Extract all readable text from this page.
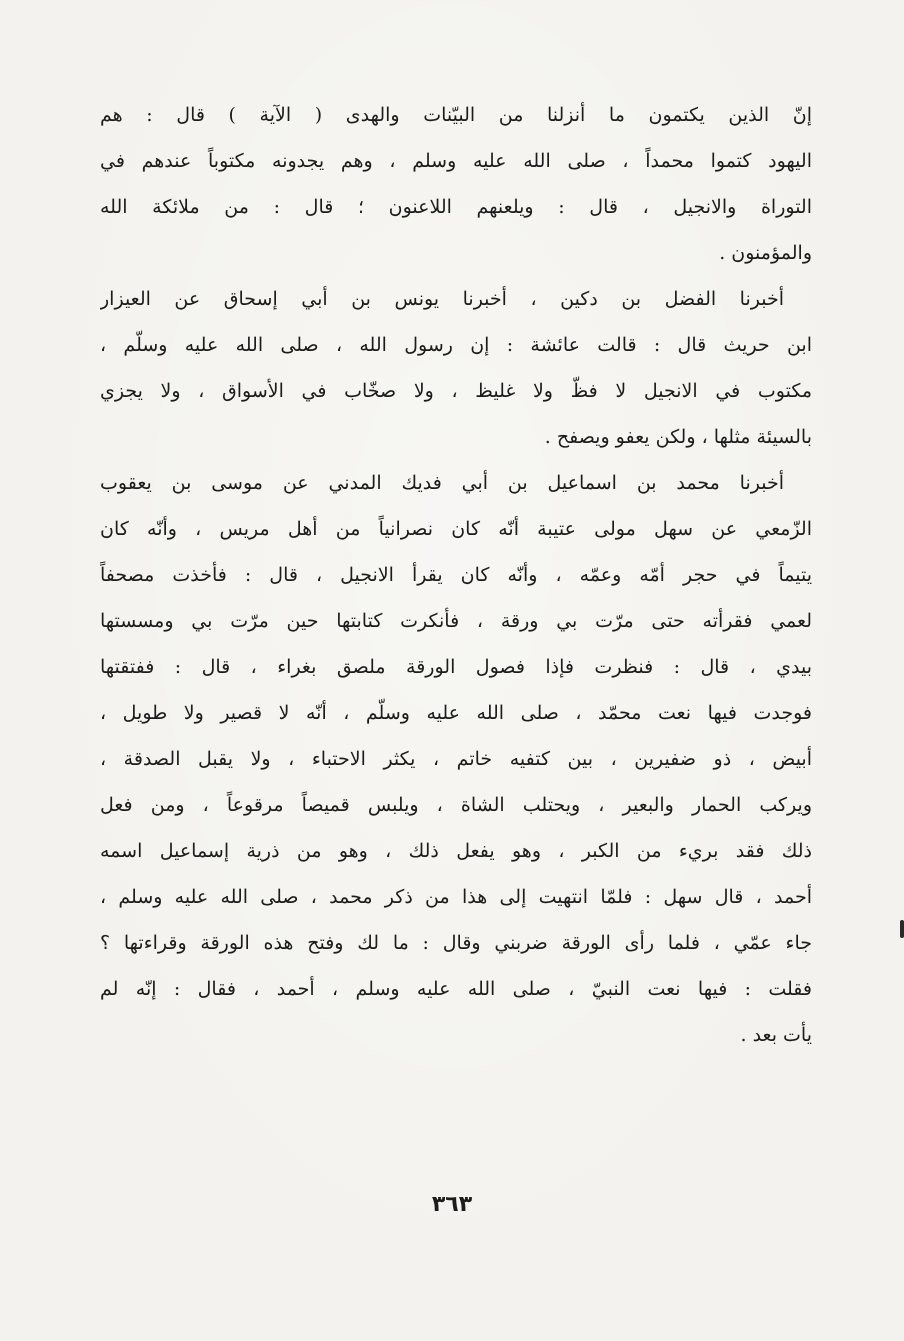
إنّ الذين يكتمون ما أنزلنا من البيّنات والهدى ( الآية ) قال : هم
اليهود كتموا محمداً ، صلى الله عليه وسلم ، وهم يجدونه مكتوباً عندهم في
التوراة والانجيل ، قال : ويلعنهم اللاعنون ؛ قال : من ملائكة الله
والمؤمنون .
أخبرنا الفضل بن دكين ، أخبرنا يونس بن أبي إسحاق عن العيزار
ابن حريث قال : قالت عائشة : إن رسول الله ، صلى الله عليه وسلّم ،
مكتوب في الانجيل لا فظّ ولا غليظ ، ولا صخّاب في الأسواق ، ولا يجزي
بالسيئة مثلها ، ولكن يعفو ويصفح .
أخبرنا محمد بن اسماعيل بن أبي فديك المدني عن موسى بن يعقوب
الزّمعي عن سهل مولى عتيبة أنّه كان نصرانياً من أهل مريس ، وأنّه كان
يتيماً في حجر أمّه وعمّه ، وأنّه كان يقرأ الانجيل ، قال : فأخذت مصحفاً
لعمي فقرأته حتى مرّت بي ورقة ، فأنكرت كتابتها حين مرّت بي ومسستها
بيدي ، قال : فنظرت فإذا فصول الورقة ملصق بغراء ، قال : ففتقتها
فوجدت فيها نعت محمّد ، صلى الله عليه وسلّم ، أنّه لا قصير ولا طويل ،
أبيض ، ذو ضفيرين ، بين كتفيه خاتم ، يكثر الاحتباء ، ولا يقبل الصدقة ،
ويركب الحمار والبعير ، ويحتلب الشاة ، ويلبس قميصاً مرقوعاً ، ومن فعل
ذلك فقد بريء من الكبر ، وهو يفعل ذلك ، وهو من ذرية إسماعيل اسمه
أحمد ، قال سهل : فلمّا انتهيت إلى هذا من ذكر محمد ، صلى الله عليه وسلم ،
جاء عمّي ، فلما رأى الورقة ضربني وقال : ما لك وفتح هذه الورقة وقراءتها ؟
فقلت : فيها نعت النبيّ ، صلى الله عليه وسلم ، أحمد ، فقال : إنّه لم
يأت بعد .
٣٦٣
